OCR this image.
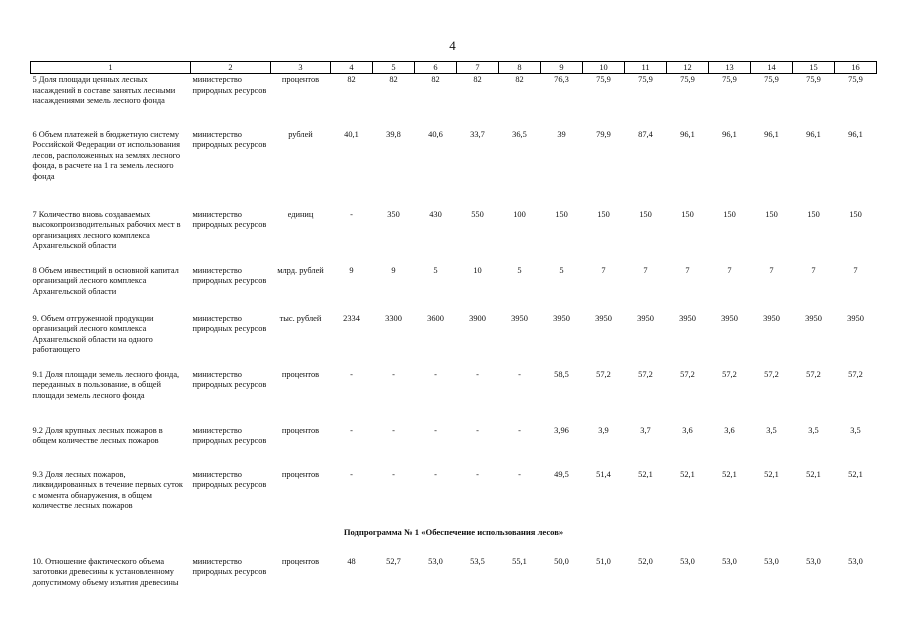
4
1	2	3	4	5	6	7	8	9	10	11	12	13	14	15	16
5 Доля площади ценных лесных насаждений в составе занятых лесными насаждениями земель лесного фонда	министерство природных ресурсов	процентов	82	82	82	82	82	76,3	75,9	75,9	75,9	75,9	75,9	75,9	75,9
6 Объем платежей в бюджетную систему Российской Федерации от использования лесов, расположенных на землях лесного фонда, в расчете на 1 га земель лесного фонда	министерство природных ресурсов	рублей	40,1	39,8	40,6	33,7	36,5	39	79,9	87,4	96,1	96,1	96,1	96,1	96,1
7 Количество вновь создаваемых высокопроизводительных рабочих мест в организациях лесного комплекса Архангельской области	министерство природных ресурсов	единиц	-	350	430	550	100	150	150	150	150	150	150	150	150
8 Объем инвестиций в основной капитал организаций лесного комплекса Архангельской области	министерство природных ресурсов	млрд. рублей	9	9	5	10	5	5	7	7	7	7	7	7	7
9. Объем отгруженной продукции организаций лесного комплекса Архангельской области на одного работающего	министерство природных ресурсов	тыс. рублей	2334	3300	3600	3900	3950	3950	3950	3950	3950	3950	3950	3950	3950
9.1 Доля площади земель лесного фонда, переданных в пользование, в общей площади земель лесного фонда	министерство природных ресурсов	процентов	-	-	-	-	-	58,5	57,2	57,2	57,2	57,2	57,2	57,2	57,2
9.2 Доля крупных лесных пожаров в общем количестве лесных пожаров	министерство природных ресурсов	процентов	-	-	-	-	-	3,96	3,9	3,7	3,6	3,6	3,5	3,5	3,5
9.3 Доля лесных пожаров, ликвидированных в течение первых суток с момента обнаружения, в общем количестве лесных пожаров	министерство природных ресурсов	процентов	-	-	-	-	-	49,5	51,4	52,1	52,1	52,1	52,1	52,1	52,1
Подпрограмма № 1 «Обеспечение использования лесов»															
10. Отношение фактического объема заготовки древесины к установленному допустимому объему изъятия древесины	министерство природных ресурсов	процентов	48	52,7	53,0	53,5	55,1	50,0	51,0	52,0	53,0	53,0	53,0	53,0	53,0
